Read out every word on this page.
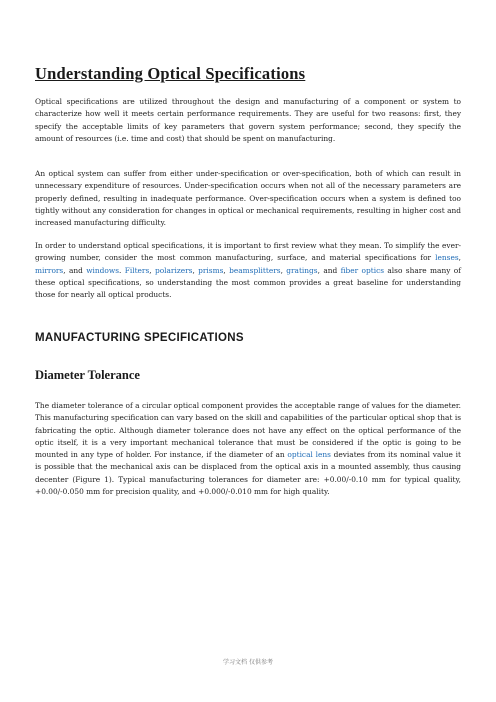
Understanding Optical Specifications

Optical specifications are utilized throughout the design and manufacturing of a component or system to characterize how well it meets certain performance requirements. They are useful for two reasons: first, they specify the acceptable limits of key parameters that govern system performance; second, they specify the amount of resources (i.e. time and cost) that should be spent on manufacturing.

An optical system can suffer from either under-specification or over-specification, both of which can result in unnecessary expenditure of resources. Under-specification occurs when not all of the necessary parameters are properly defined, resulting in inadequate performance. Over-specification occurs when a system is defined too tightly without any consideration for changes in optical or mechanical requirements, resulting in higher cost and increased manufacturing difficulty.

In order to understand optical specifications, it is important to first review what they mean. To simplify the ever-growing number, consider the most common manufacturing, surface, and material specifications for lenses, mirrors, and windows. Filters, polarizers, prisms, beamsplitters, gratings, and fiber optics also share many of these optical specifications, so understanding the most common provides a great baseline for understanding those for nearly all optical products.

MANUFACTURING SPECIFICATIONS
Diameter Tolerance

The diameter tolerance of a circular optical component provides the acceptable range of values for the diameter. This manufacturing specification can vary based on the skill and capabilities of the particular optical shop that is fabricating the optic. Although diameter tolerance does not have any effect on the optical performance of the optic itself, it is a very important mechanical tolerance that must be considered if the optic is going to be mounted in any type of holder. For instance, if the diameter of an optical lens deviates from its nominal value it is possible that the mechanical axis can be displaced from the optical axis in a mounted assembly, thus causing decenter (Figure 1). Typical manufacturing tolerances for diameter are: +0.00/-0.10 mm for typical quality, +0.00/-0.050 mm for precision quality, and +0.000/-0.010 mm for high quality.

学习文档 仅供参考
